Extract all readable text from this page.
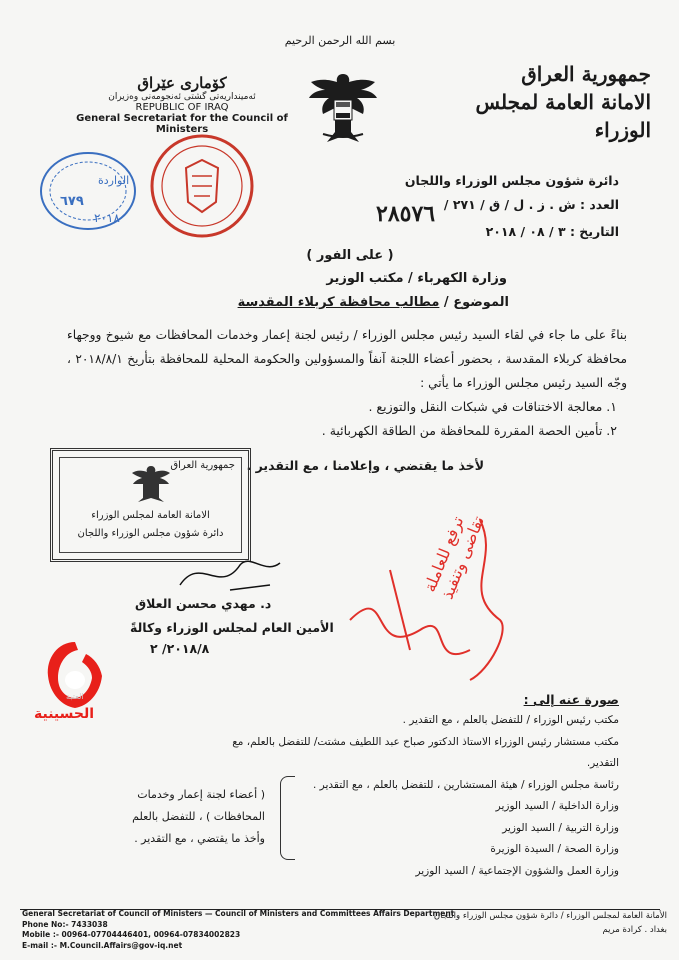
بسم الله الرحمن الرحيم
جمهورية العراق
الامانة العامة لمجلس الوزراء
كۆماری عێراق
ئه‌مینداریه‌تی گشتی ئه‌نجومه‌نی وه‌زیران
REPUBLIC OF IRAQ
General Secretariat for the Council of Ministers
الواردة
٦٧٩
٢٠١٨
دائرة شؤون مجلس الوزراء واللجان
العدد : ش . ز . ل / ق / ٢٧١ /
التاريخ : ٣ / ٠٨ / ٢٠١٨
٢٨٥٧٦
( على الفور )
وزارة الكهرباء / مكتب الوزير
الموضوع / مطالب محافظة كربلاء المقدسة
بناءً على ما جاء في لقاء السيد رئيس مجلس الوزراء / رئيس لجنة إعمار وخدمات المحافظات مع شيوخ ووجهاء محافظة كربلاء المقدسة ، بحضور أعضاء اللجنة آنفاً والمسؤولين والحكومة المحلية للمحافظة بتأريخ ٢٠١٨/٨/١ ، وجّه السيد رئيس مجلس الوزراء ما يأتي :
١. معالجة الاختناقات في شبكات النقل والتوزيع .
٢. تأمين الحصة المقررة للمحافظة من الطاقة الكهربائية .
لأخذ ما يقتضي ، وإعلامنا ، مع التقدير .
جمهورية العراق
الامانة العامة لمجلس الوزراء
دائرة شؤون مجلس الوزراء واللجان
د. مهدي محسن العلاق
الأمين العام لمجلس الوزراء وكالةً
٢٠١٨/٨/ ٢
ترفع للعاملة تقاضى وتنفيذ
العتبة
الحسينية
صورة عنه إلى :
مكتب رئيس الوزراء / للتفضل بالعلم ، مع التقدير .
مكتب مستشار رئيس الوزراء الاستاذ الدكتور صباح عبد اللطيف مشتت/ للتفضل بالعلم، مع التقدير.
رئاسة مجلس الوزراء / هيئة المستشارين ، للتفضل بالعلم ، مع التقدير .
وزارة الداخلية / السيد الوزير
وزارة التربية / السيد الوزير
وزارة الصحة / السيدة الوزيرة
وزارة العمل والشؤون الإجتماعية / السيد الوزير
( أعضاء لجنة إعمار وخدمات
المحافظات ) ، للتفضل بالعلم
وأخذ ما يقتضي ، مع التقدير .
General Secretariat of Council of Ministers — Council of Ministers and Committees Affairs Department
Phone No:- 7433038
Mobile :- 00964-07704446401, 00964-07834002823
E-mail :- M.Council.Affairs@gov-iq.net
الأمانة العامة لمجلس الوزراء / دائرة شؤون مجلس الوزراء واللجان
بغداد . كرادة مريم
